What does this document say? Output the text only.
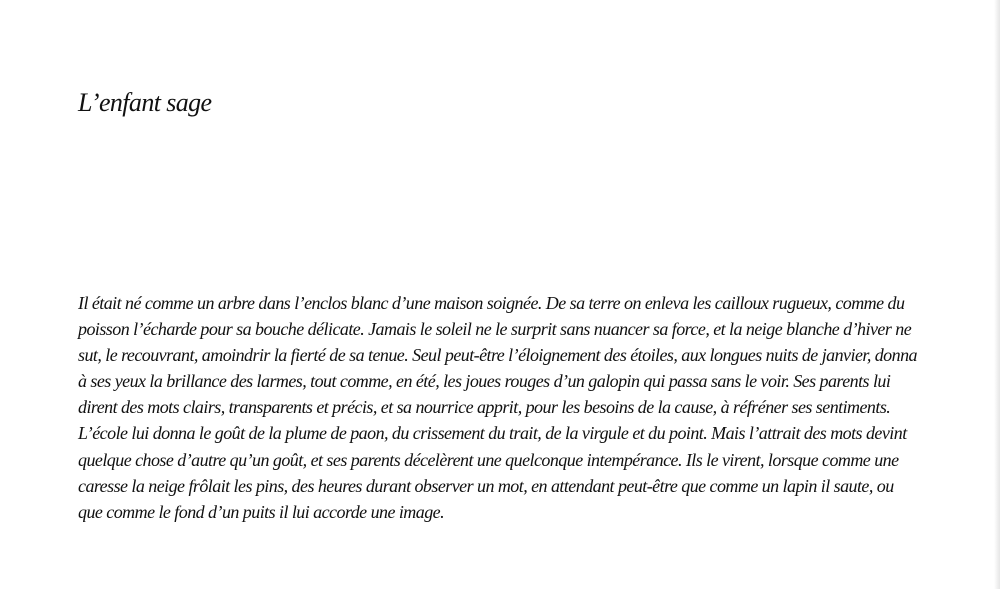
L’enfant sage
Il était né comme un arbre dans l’enclos blanc d’une maison soignée. De sa terre on enleva les cailloux rugueux, comme du
poisson l’écharde pour sa bouche délicate. Jamais le soleil ne le surprit sans nuancer sa force, et la neige blanche d’hiver ne
sut, le recouvrant, amoindrir la fierté de sa tenue. Seul peut-être l’éloignement des étoiles, aux longues nuits de janvier, donna
à ses yeux la brillance des larmes, tout comme, en été, les joues rouges d’un galopin qui passa sans le voir. Ses parents lui
dirent des mots clairs, transparents et précis, et sa nourrice apprit, pour les besoins de la cause, à réfréner ses sentiments.
L’école lui donna le goût de la plume de paon, du crissement du trait, de la virgule et du point. Mais l’attrait des mots devint
quelque chose d’autre qu’un goût, et ses parents décelèrent une quelconque intempérance. Ils le virent, lorsque comme une
caresse la neige frôlait les pins, des heures durant observer un mot, en attendant peut-être que comme un lapin il saute, ou
que comme le fond d’un puits il lui accorde une image.
